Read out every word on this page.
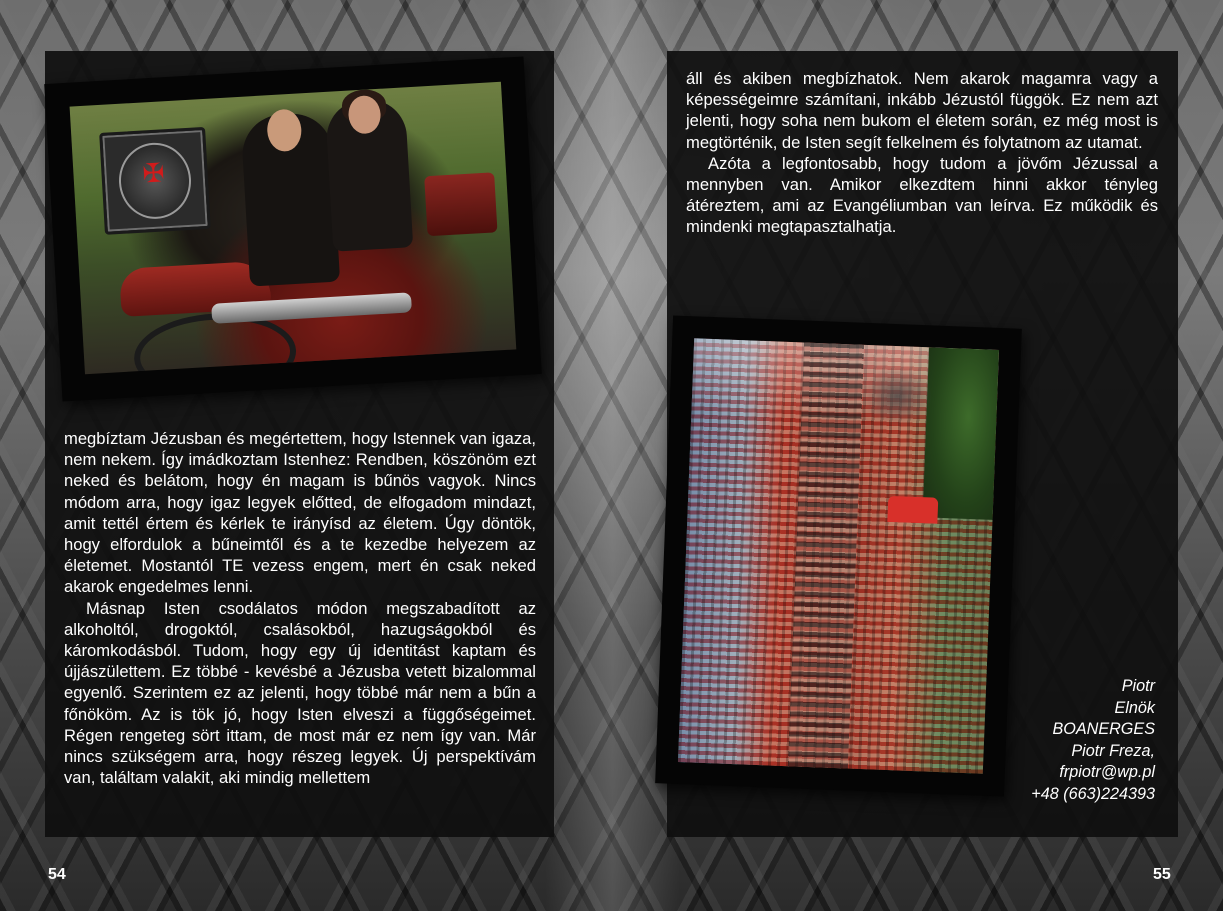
✠

megbíztam Jézusban és megértettem, hogy Istennek van igaza, nem nekem. Így imádkoztam Istenhez: Rendben, köszönöm ezt neked és belátom, hogy én magam is bűnös vagyok. Nincs módom arra, hogy igaz legyek előtted, de elfogadom mindazt, amit tettél értem és kérlek te irányísd az életem. Úgy döntök, hogy elfordulok a bűneimtől és a te kezedbe helyezem az életemet. Mostantól TE vezess engem, mert én csak neked akarok engedelmes lenni.

Másnap Isten csodálatos módon megszabadított az alkoholtól, drogoktól, csalásokból, hazugságokból és káromkodásból. Tudom, hogy egy új identitást kaptam és újjászülettem. Ez többé - kevésbé a Jézusba vetett bizalommal egyenlő. Szerintem ez az jelenti, hogy többé már nem a bűn a főnököm. Az is tök jó, hogy Isten elveszi a függőségeimet. Régen rengeteg sört ittam, de most már ez nem így van. Már nincs szükségem arra, hogy részeg legyek. Új perspektívám van, találtam valakit, aki mindig mellettem

áll és akiben megbízhatok. Nem akarok magamra vagy a képességeimre számítani, inkább Jézustól függök. Ez nem azt jelenti, hogy soha nem bukom el életem során, ez még most is megtörténik, de Isten segít felkelnem és folytatnom az utamat.

Azóta a legfontosabb, hogy tudom a jövőm Jézussal a mennyben van. Amikor elkezdtem hinni akkor tényleg átéreztem, ami az Evangéliumban van leírva. Ez működik és mindenki megtapasztalhatja.

Piotr
Elnök
BOANERGES
Piotr Freza,
frpiotr@wp.pl
+48 (663)224393
54	55
